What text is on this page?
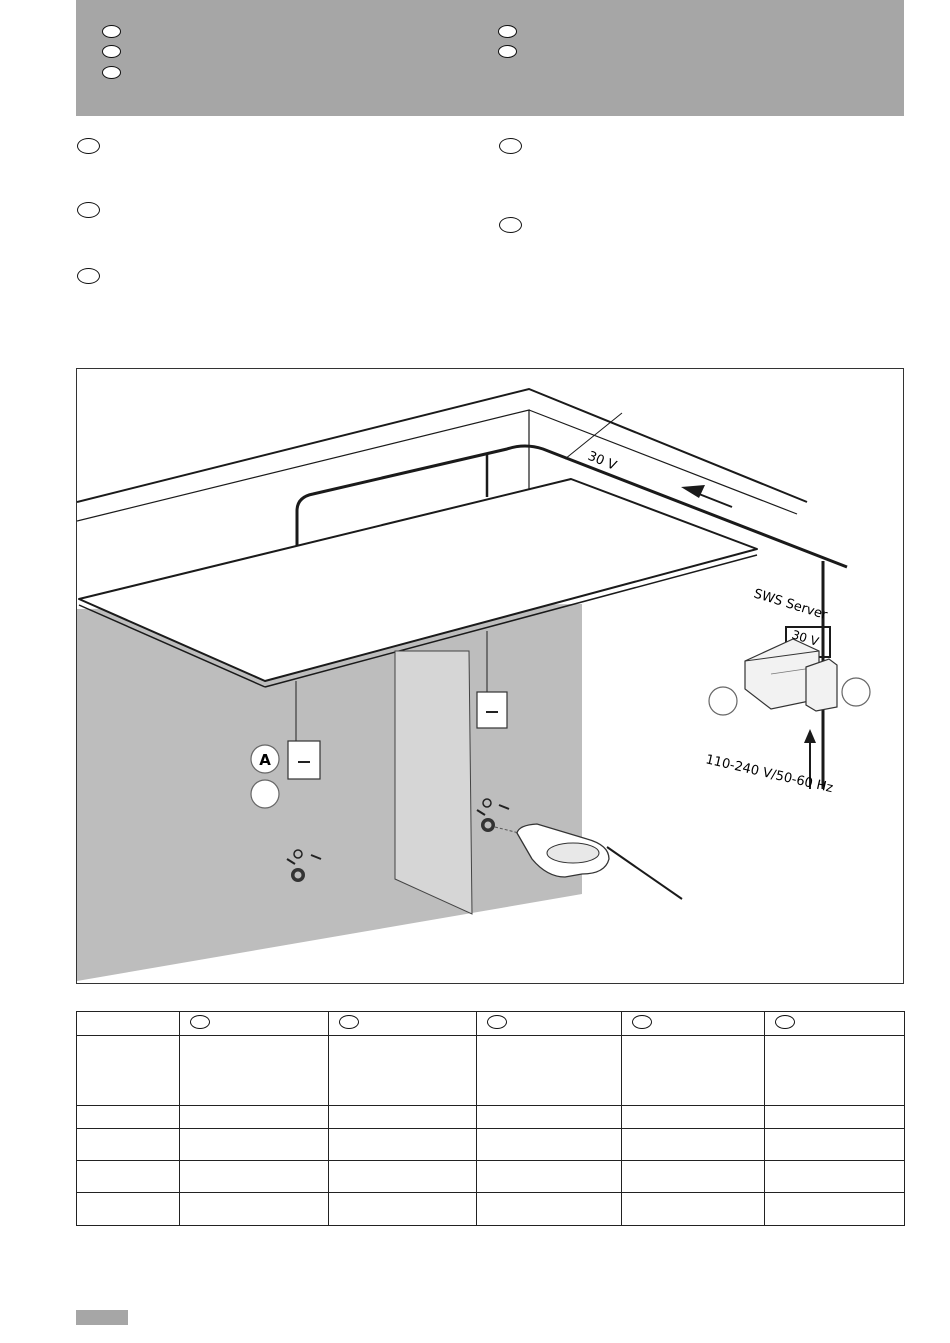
30 V
A
SWS Server
30 V
110-240 V/50-60 Hz
